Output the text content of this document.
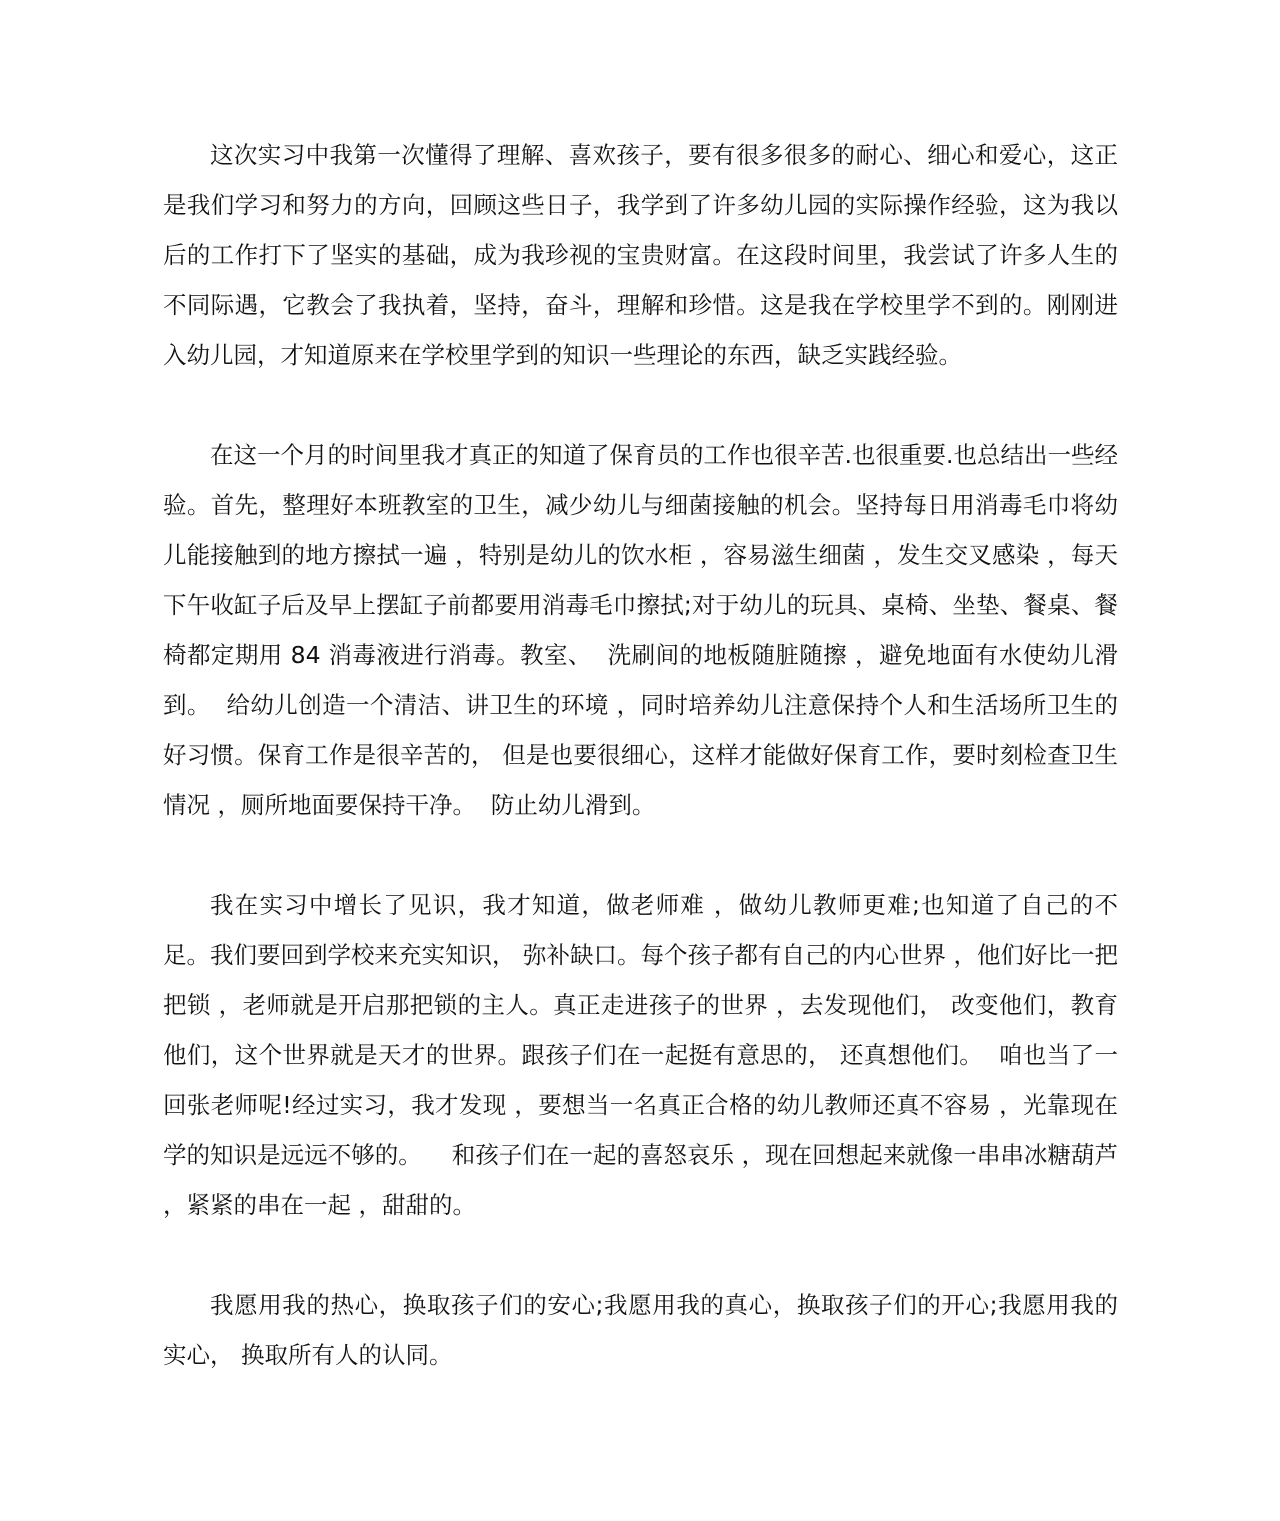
这次实习中我第一次懂得了理解、喜欢孩子，要有很多很多的耐心、细心和爱心，这正是我们学习和努力的方向，回顾这些日子，我学到了许多幼儿园的实际操作经验，这为我以后的工作打下了坚实的基础，成为我珍视的宝贵财富。在这段时间里，我尝试了许多人生的不同际遇，它教会了我执着，坚持，奋斗，理解和珍惜。这是我在学校里学不到的。刚刚进入幼儿园，才知道原来在学校里学到的知识一些理论的东西，缺乏实践经验。

在这一个月的时间里我才真正的知道了保育员的工作也很辛苦.也很重要.也总结出一些经验。首先，整理好本班教室的卫生，减少幼儿与细菌接触的机会。坚持每日用消毒毛巾将幼儿能接触到的地方擦拭一遍 ，特别是幼儿的饮水柜 ，容易滋生细菌 ，发生交叉感染 ，每天下午收缸子后及早上摆缸子前都要用消毒毛巾擦拭;对于幼儿的玩具、桌椅、坐垫、餐桌、餐椅都定期用 84 消毒液进行消毒。教室、  洗刷间的地板随脏随擦 ，避免地面有水使幼儿滑到。  给幼儿创造一个清洁、讲卫生的环境 ，同时培养幼儿注意保持个人和生活场所卫生的好习惯。保育工作是很辛苦的， 但是也要很细心，这样才能做好保育工作，要时刻检查卫生情况 ，厕所地面要保持干净。  防止幼儿滑到。

我在实习中增长了见识，我才知道，做老师难 ，做幼儿教师更难;也知道了自己的不足。我们要回到学校来充实知识， 弥补缺口。每个孩子都有自己的内心世界 ，他们好比一把把锁 ，老师就是开启那把锁的主人。真正走进孩子的世界 ，去发现他们， 改变他们，教育他们，这个世界就是天才的世界。跟孩子们在一起挺有意思的， 还真想他们。  咱也当了一回张老师呢!经过实习，我才发现 ，要想当一名真正合格的幼儿教师还真不容易 ，光靠现在学的知识是远远不够的。    和孩子们在一起的喜怒哀乐 ，现在回想起来就像一串串冰糖葫芦 ，紧紧的串在一起 ，甜甜的。

我愿用我的热心，换取孩子们的安心;我愿用我的真心，换取孩子们的开心;我愿用我的实心， 换取所有人的认同。
